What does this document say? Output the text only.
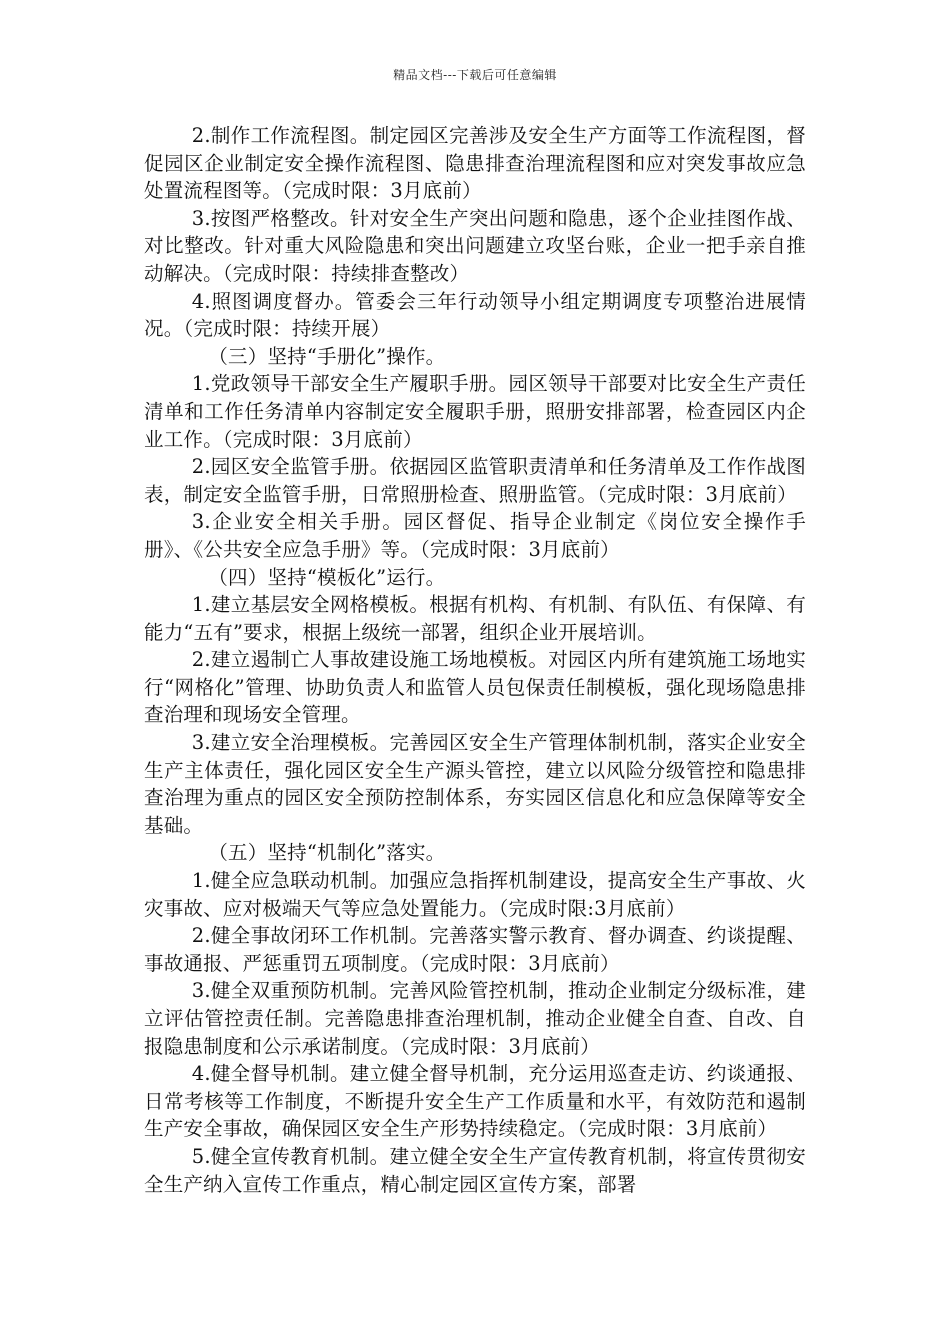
精品文档---下载后可任意编辑

2.制作工作流程图。制定园区完善涉及安全生产方面等工作流程图，督促园区企业制定安全操作流程图、隐患排查治理流程图和应对突发事故应急处置流程图等。（完成时限：3月底前）

3.按图严格整改。针对安全生产突出问题和隐患，逐个企业挂图作战、对比整改。针对重大风险隐患和突出问题建立攻坚台账，企业一把手亲自推动解决。（完成时限：持续排查整改）

4.照图调度督办。管委会三年行动领导小组定期调度专项整治进展情况。（完成时限：持续开展）

（三）坚持“手册化”操作。

1.党政领导干部安全生产履职手册。园区领导干部要对比安全生产责任清单和工作任务清单内容制定安全履职手册，照册安排部署，检查园区内企业工作。（完成时限：3月底前）

2.园区安全监管手册。依据园区监管职责清单和任务清单及工作作战图表，制定安全监管手册，日常照册检查、照册监管。（完成时限：3月底前）

3.企业安全相关手册。园区督促、指导企业制定《岗位安全操作手册》、《公共安全应急手册》等。（完成时限：3月底前）

（四）坚持“模板化”运行。

1.建立基层安全网格模板。根据有机构、有机制、有队伍、有保障、有能力“五有”要求，根据上级统一部署，组织企业开展培训。

2.建立遏制亡人事故建设施工场地模板。对园区内所有建筑施工场地实行“网格化”管理、协助负责人和监管人员包保责任制模板，强化现场隐患排查治理和现场安全管理。

3.建立安全治理模板。完善园区安全生产管理体制机制，落实企业安全生产主体责任，强化园区安全生产源头管控，建立以风险分级管控和隐患排查治理为重点的园区安全预防控制体系，夯实园区信息化和应急保障等安全基础。

（五）坚持“机制化”落实。

1.健全应急联动机制。加强应急指挥机制建设，提高安全生产事故、火灾事故、应对极端天气等应急处置能力。（完成时限:3月底前）

2.健全事故闭环工作机制。完善落实警示教育、督办调查、约谈提醒、事故通报、严惩重罚五项制度。（完成时限：3月底前）

3.健全双重预防机制。完善风险管控机制，推动企业制定分级标准，建立评估管控责任制。完善隐患排查治理机制，推动企业健全自查、自改、自报隐患制度和公示承诺制度。（完成时限：3月底前）

4.健全督导机制。建立健全督导机制，充分运用巡查走访、约谈通报、日常考核等工作制度，不断提升安全生产工作质量和水平，有效防范和遏制生产安全事故，确保园区安全生产形势持续稳定。（完成时限：3月底前）

5.健全宣传教育机制。建立健全安全生产宣传教育机制，将宣传贯彻安全生产纳入宣传工作重点，精心制定园区宣传方案，部署
